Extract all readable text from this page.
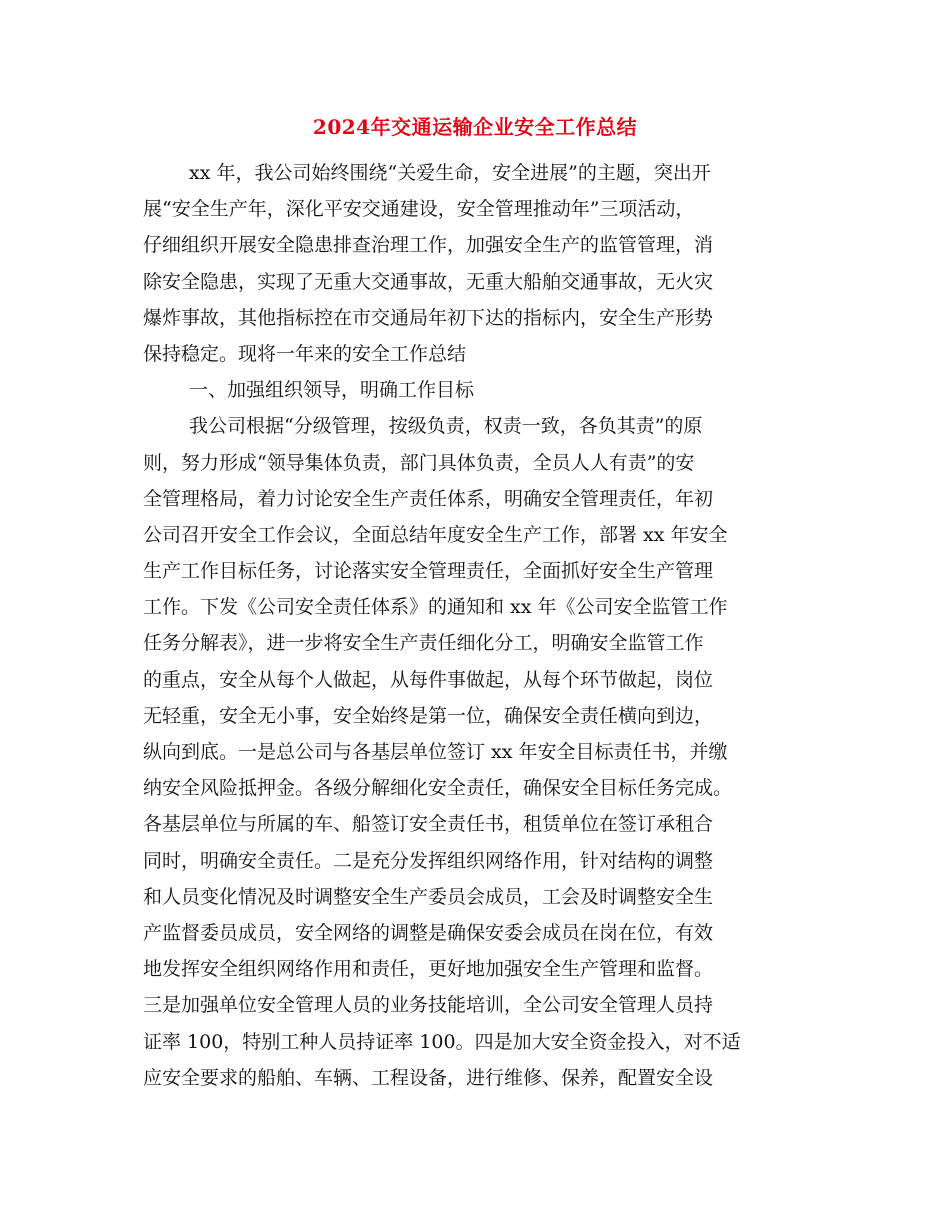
2024年交通运输企业安全工作总结
xx 年，我公司始终围绕“关爱生命，安全进展”的主题，突出开
展“安全生产年，深化平安交通建设，安全管理推动年”三项活动，
仔细组织开展安全隐患排查治理工作，加强安全生产的监管管理，消
除安全隐患，实现了无重大交通事故，无重大船舶交通事故，无火灾
爆炸事故，其他指标控在市交通局年初下达的指标内，安全生产形势
保持稳定。现将一年来的安全工作总结
一、加强组织领导，明确工作目标
我公司根据“分级管理，按级负责，权责一致，各负其责”的原
则，努力形成“领导集体负责，部门具体负责，全员人人有责”的安
全管理格局，着力讨论安全生产责任体系，明确安全管理责任，年初
公司召开安全工作会议，全面总结年度安全生产工作，部署 xx 年安全
生产工作目标任务，讨论落实安全管理责任，全面抓好安全生产管理
工作。下发《公司安全责任体系》的通知和 xx 年《公司安全监管工作
任务分解表》，进一步将安全生产责任细化分工，明确安全监管工作
的重点，安全从每个人做起，从每件事做起，从每个环节做起，岗位
无轻重，安全无小事，安全始终是第一位，确保安全责任横向到边，
纵向到底。一是总公司与各基层单位签订 xx 年安全目标责任书，并缴
纳安全风险抵押金。各级分解细化安全责任，确保安全目标任务完成。
各基层单位与所属的车、船签订安全责任书，租赁单位在签订承租合
同时，明确安全责任。二是充分发挥组织网络作用，针对结构的调整
和人员变化情况及时调整安全生产委员会成员，工会及时调整安全生
产监督委员成员，安全网络的调整是确保安委会成员在岗在位，有效
地发挥安全组织网络作用和责任，更好地加强安全生产管理和监督。
三是加强单位安全管理人员的业务技能培训，全公司安全管理人员持
证率 100，特别工种人员持证率 100。四是加大安全资金投入，对不适
应安全要求的船舶、车辆、工程设备，进行维修、保养，配置安全设
